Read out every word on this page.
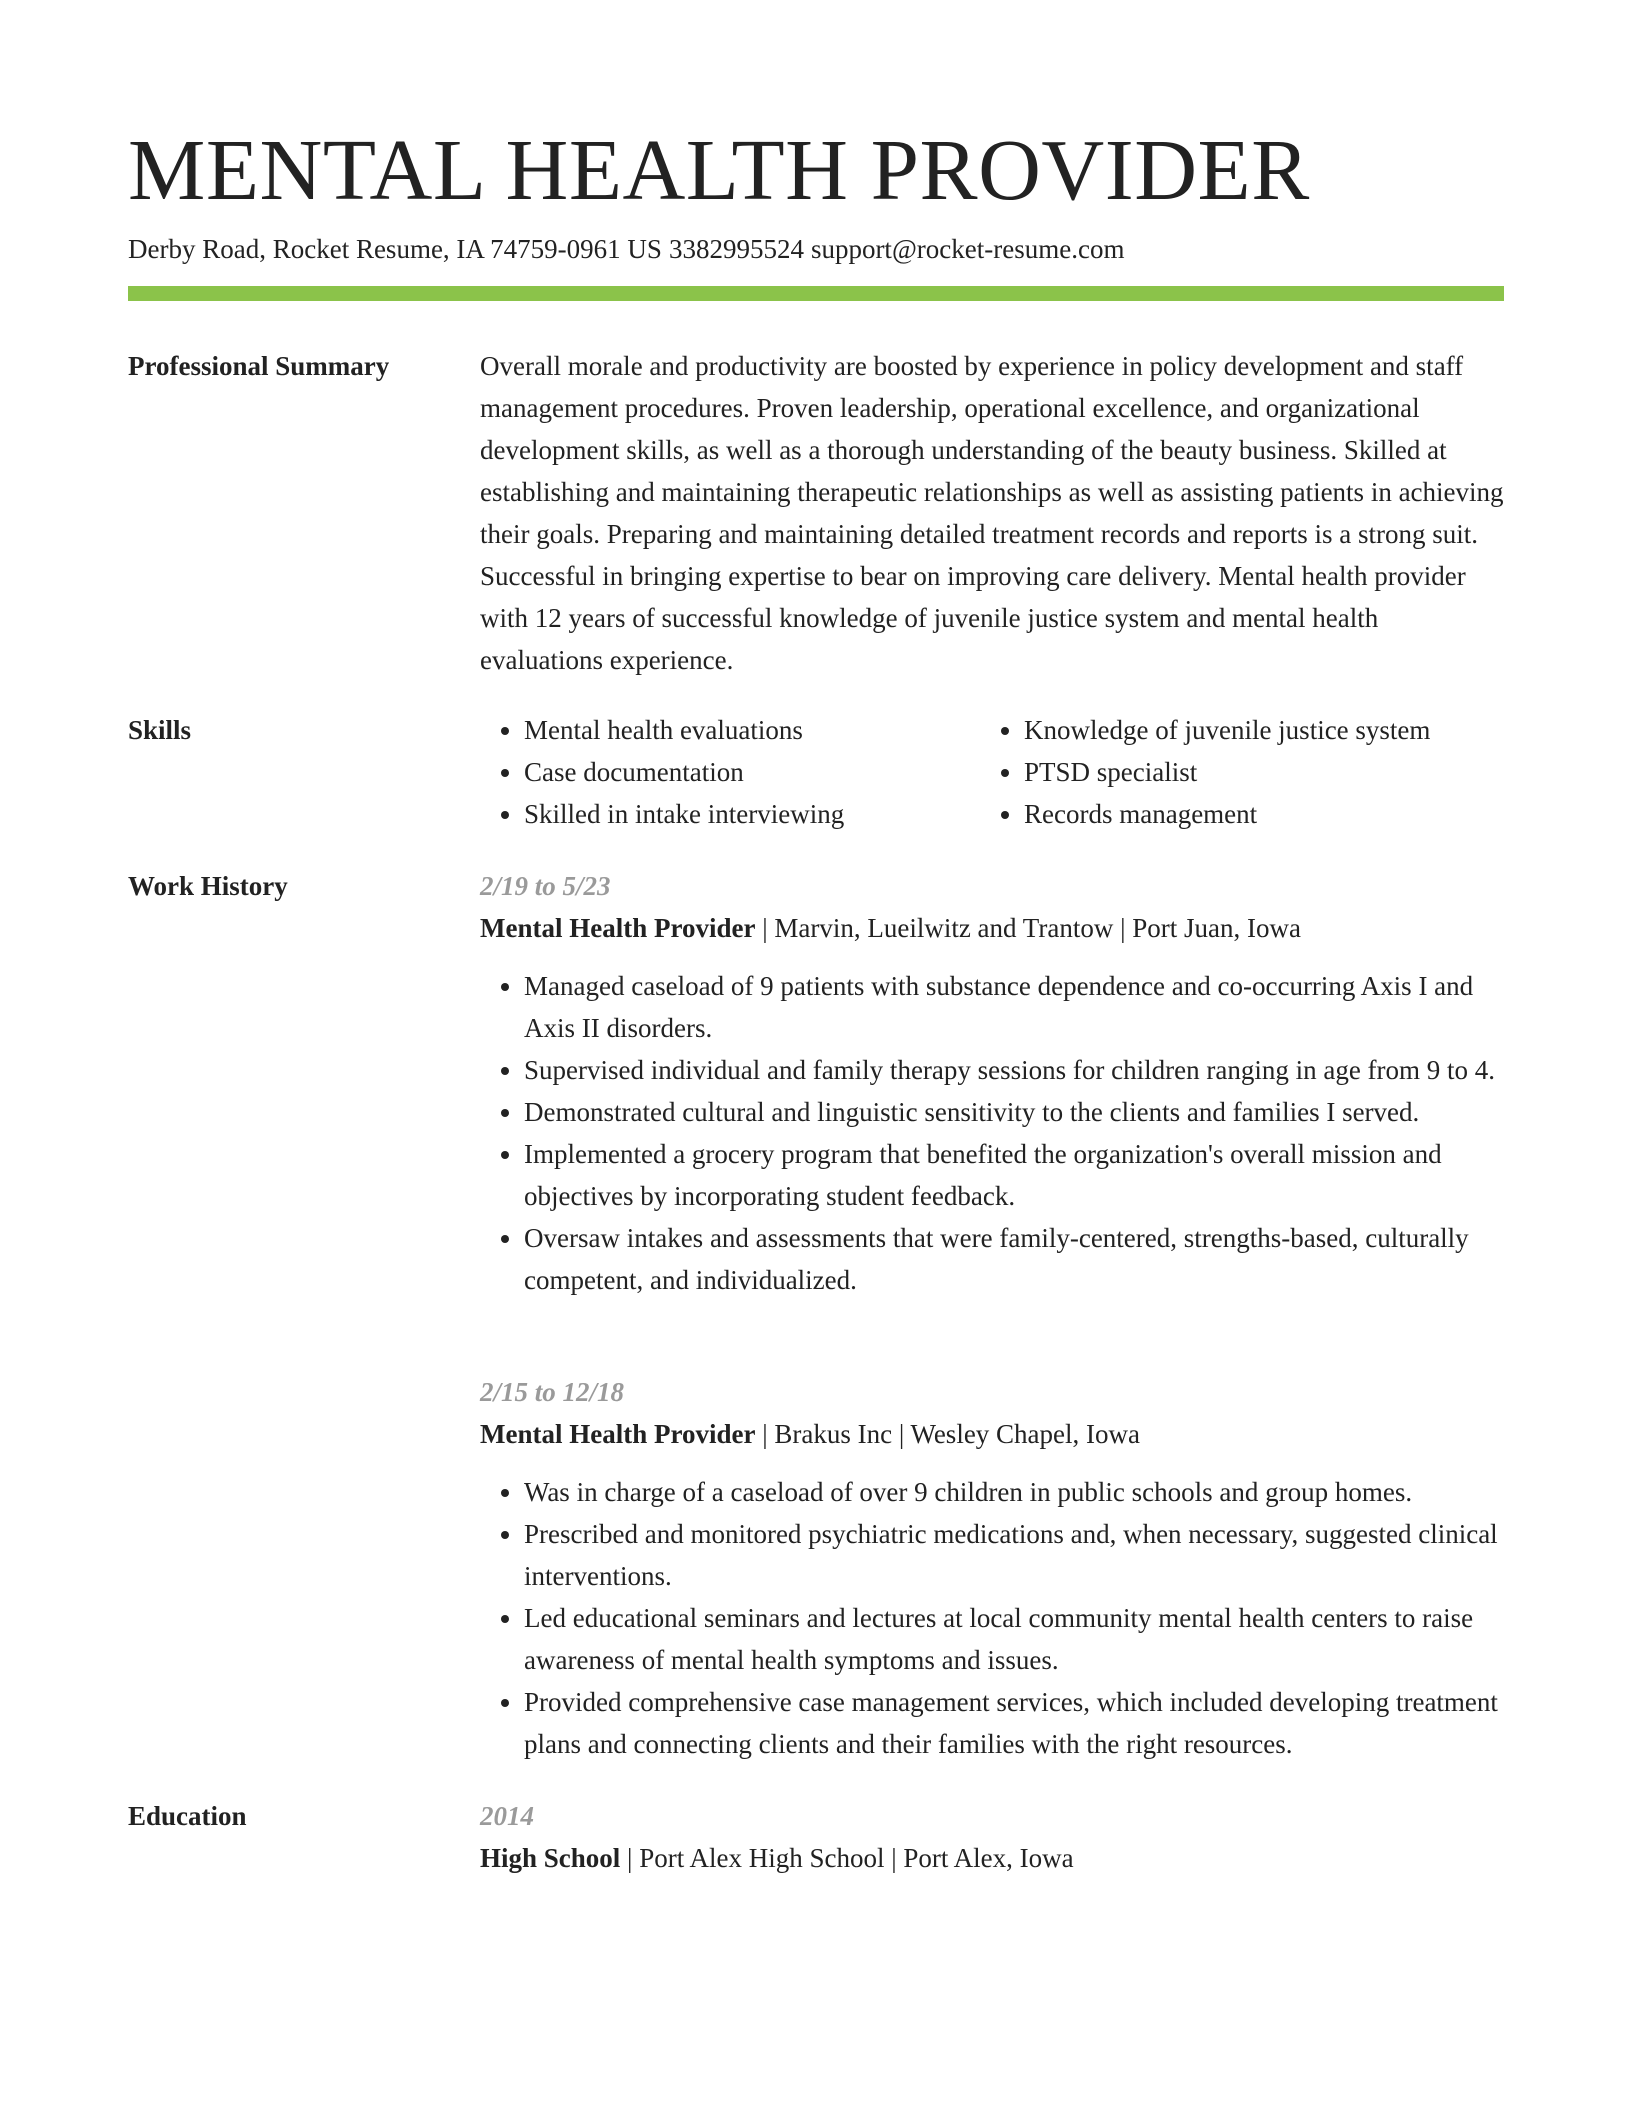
MENTAL HEALTH PROVIDER
Derby Road, Rocket Resume, IA 74759-0961 US 3382995524 support@rocket-resume.com
Professional Summary	Overall morale and productivity are boosted by experience in policy development and staff management procedures. Proven leadership, operational excellence, and organizational development skills, as well as a thorough understanding of the beauty business. Skilled at establishing and maintaining therapeutic relationships as well as assisting patients in achieving their goals. Preparing and maintaining detailed treatment records and reports is a strong suit. Successful in bringing expertise to bear on improving care delivery. Mental health provider with 12 years of successful knowledge of juvenile justice system and mental health evaluations experience.

Skills
•	Mental health evaluations
• Case documentation
• Skilled in intake interviewing
• Knowledge of juvenile justice system
• PTSD specialist
• Records management
Work History	2/19 to 5/23
Mental Health Provider | Marvin, Lueilwitz and Trantow | Port Juan, Iowa
• Managed caseload of 9 patients with substance dependence and co-occurring Axis I and Axis II disorders.
• Supervised individual and family therapy sessions for children ranging in age from 9 to 4.
• Demonstrated cultural and linguistic sensitivity to the clients and families I served.
• Implemented a grocery program that benefited the organization's overall mission and objectives by incorporating student feedback.
• Oversaw intakes and assessments that were family-centered, strengths-based, culturally competent, and individualized.
2/15 to 12/18
Mental Health Provider | Brakus Inc | Wesley Chapel, Iowa
• Was in charge of a caseload of over 9 children in public schools and group homes.
• Prescribed and monitored psychiatric medications and, when necessary, suggested clinical interventions.
• Led educational seminars and lectures at local community mental health centers to raise awareness of mental health symptoms and issues.
• Provided comprehensive case management services, which included developing treatment plans and connecting clients and their families with the right resources.
Education	2014
High School | Port Alex High School | Port Alex, Iowa
